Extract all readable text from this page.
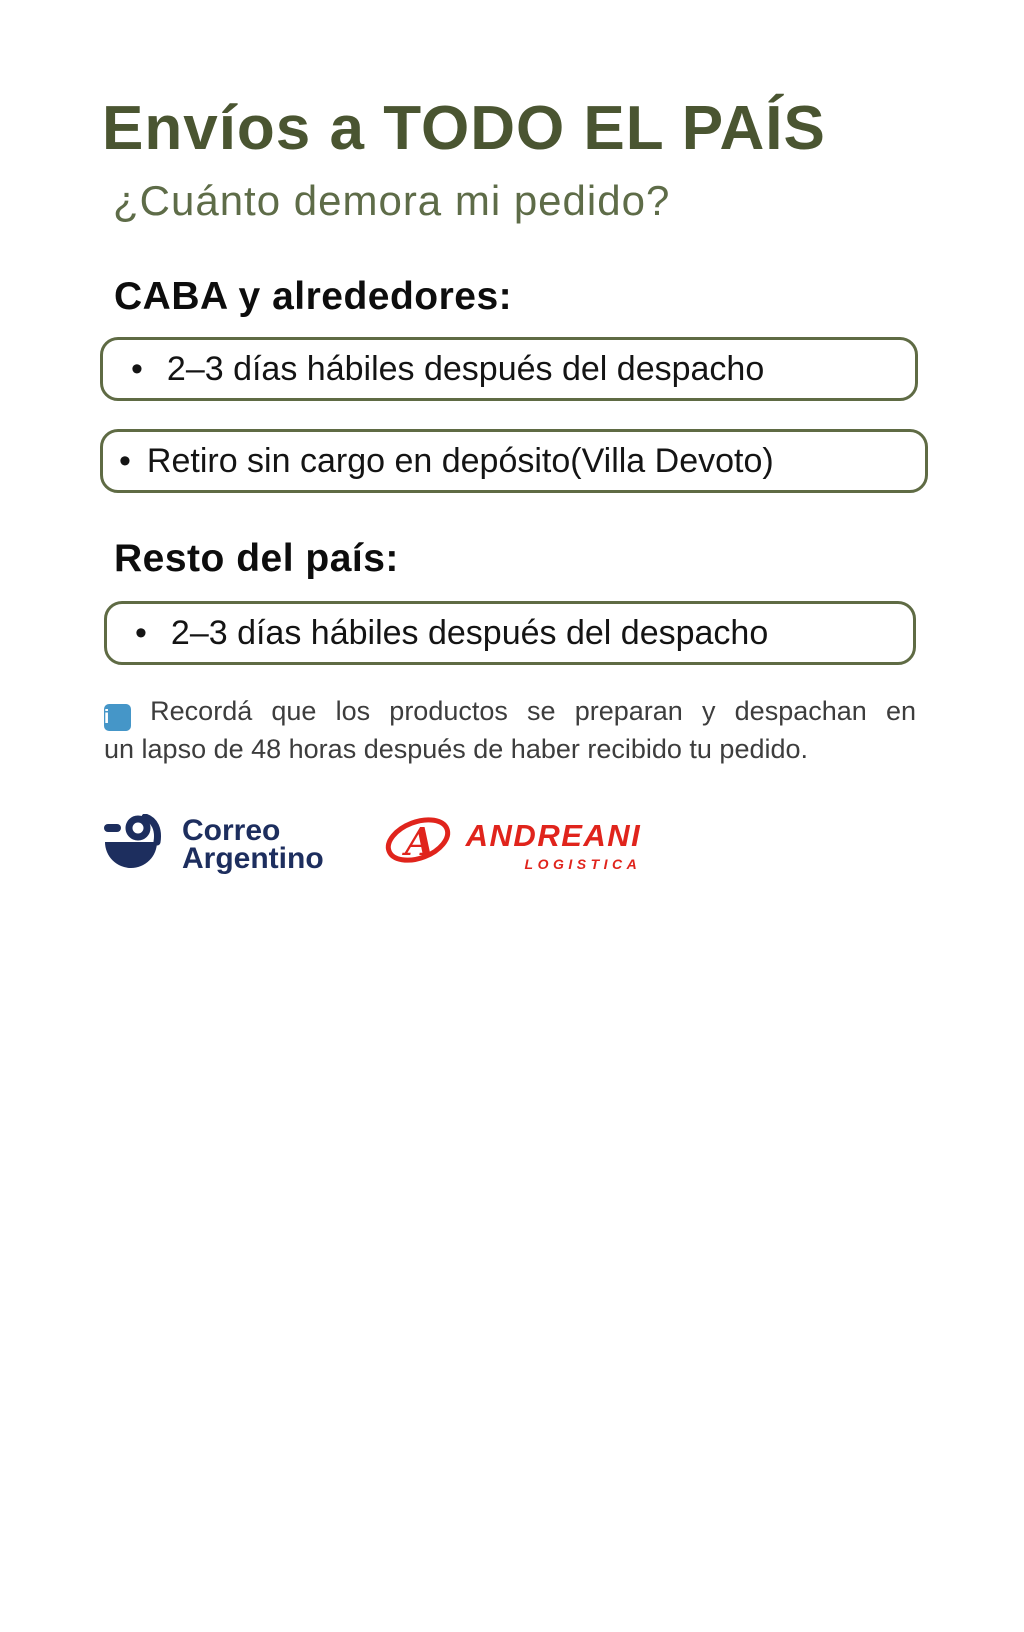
Envíos a TODO EL PAÍS
¿Cuánto demora mi pedido?
CABA y alrededores:
• 2–3 días hábiles después del despacho
• Retiro sin cargo en depósito(Villa Devoto)
Resto del país:
• 2–3 días hábiles después del despacho
i Recordá que los productos se preparan y despachan en
un lapso de 48 horas después de haber recibido tu pedido.
Correo
Argentino A ANDREANI
LOGISTICA
